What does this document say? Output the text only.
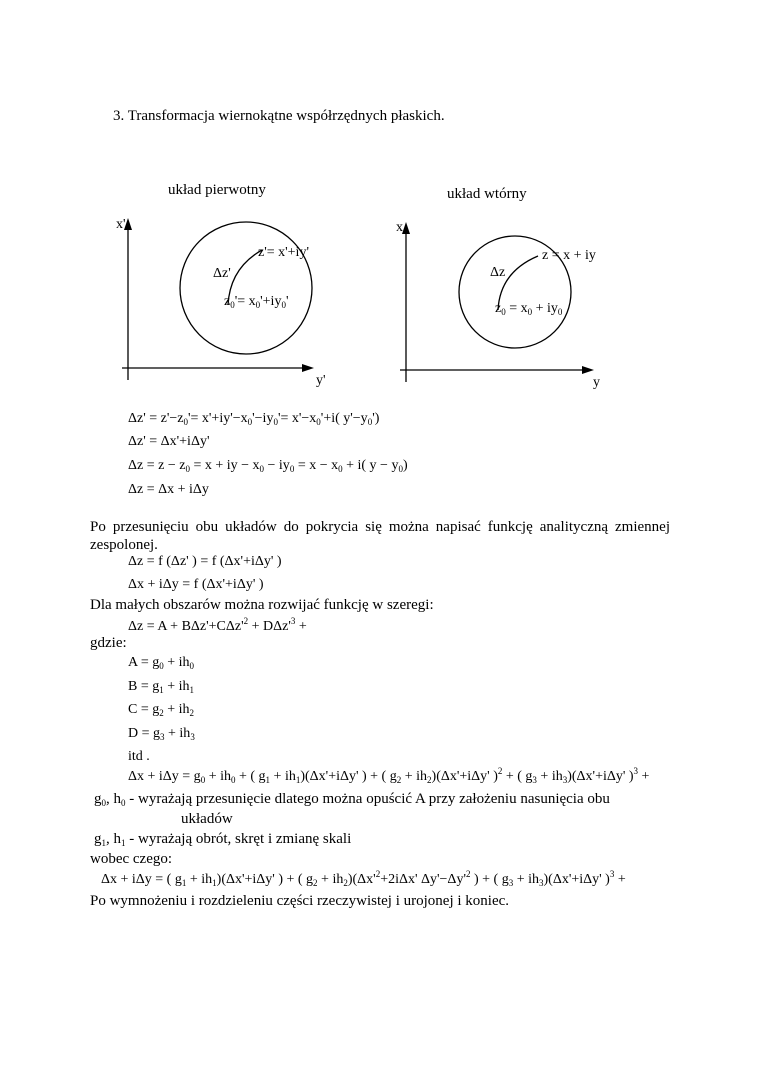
3. Transformacja wiernokątne współrzędnych płaskich.
układ pierwotny	układ wtórny
x'
y'
z'= x'+iy'
Δz'
$z_0'= x_0'+iy_0'$
x
y
z = x + iy
Δz
$z_0 = x_0 + iy_0$
$\Delta z' = z'-z_0'= x'+iy'-x_0'-iy_0'= x'-x_0'+i$( $y'-y_0'$)
Δz' = Δx'+iΔy'
$\Delta z = z - z_0 = x$ + iy − $x_0 - iy_0 = x - x_0 + i$( $y - y_0$)
Δz = Δx + iΔy
Po przesunięciu obu układów do pokrycia się można napisać funkcję analityczną zmiennej zespolonej.
Δz = f (Δz' ) = f (Δx'+iΔy' )
Δx + iΔy = f (Δx'+iΔy' )
Dla małych obszarów można rozwijać funkcję w szeregi:
$\Delta z = A + B\Delta z'+C\Delta z'^2 + D\Delta z'^3$ +
gdzie:
$A = g_0 + ih_0$
$B = g_1 + ih_1$
$C = g_2 + ih_2$
$D = g_3 + ih_3$
itd .
$\Delta x + i\Delta y = g_0 + ih_0$ + ( $g_1 + ih_1)(\Delta x'+i\Delta y'$ ) + ( $g_2 + ih_2)(\Delta x'+i\Delta y'$ )$^2$ + ( $g_3 + ih_3)(\Delta x'+i\Delta y'$ )$^3$ +
$g_0$, $h_0$ - wyrażają przesunięcie dlatego można opuścić A przy założeniu nasunięcia obu
układów
$g_1$, $h_1$ - wyrażają obrót, skręt i zmianę skali
wobec czego:
Δx + iΔy = ( $g_1 + ih_1)(\Delta x'+i\Delta y'$ ) + ( $g_2 + ih_2)(\Delta x'^2+2i\Delta x'$ $\Delta y'-\Delta y'^2$ ) + ( $g_3 + ih_3)(\Delta x'+i\Delta y'$ )$^3$ +
Po wymnożeniu i rozdzieleniu części rzeczywistej i urojonej i koniec.
